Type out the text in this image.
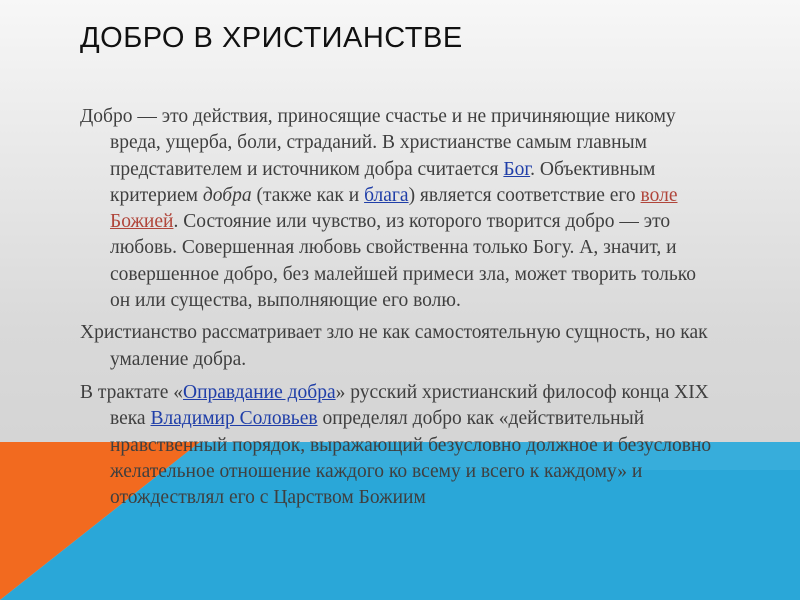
ДОБРО В ХРИСТИАНСТВЕ

Добро — это действия, приносящие счастье и не причиняющие никому вреда, ущерба, боли, страданий. В христианстве самым главным представителем и источником добра считается Бог. Объективным критерием добра (также как и блага) является соответствие его воле Божией. Состояние или чувство, из которого творится добро — это любовь. Совершенная любовь свойственна только Богу. А, значит, и совершенное добро, без малейшей примеси зла, может творить только он или существа, выполняющие его волю.

Христианство рассматривает зло не как самостоятельную сущность, но как умаление добра.

В трактате «Оправдание добра» русский христианский философ конца XIX века Владимир Соловьев определял добро как «действительный нравственный порядок, выражающий безусловно должное и безусловно желательное отношение каждого ко всему и всего к каждому» и отождествлял его с Царством Божиим
